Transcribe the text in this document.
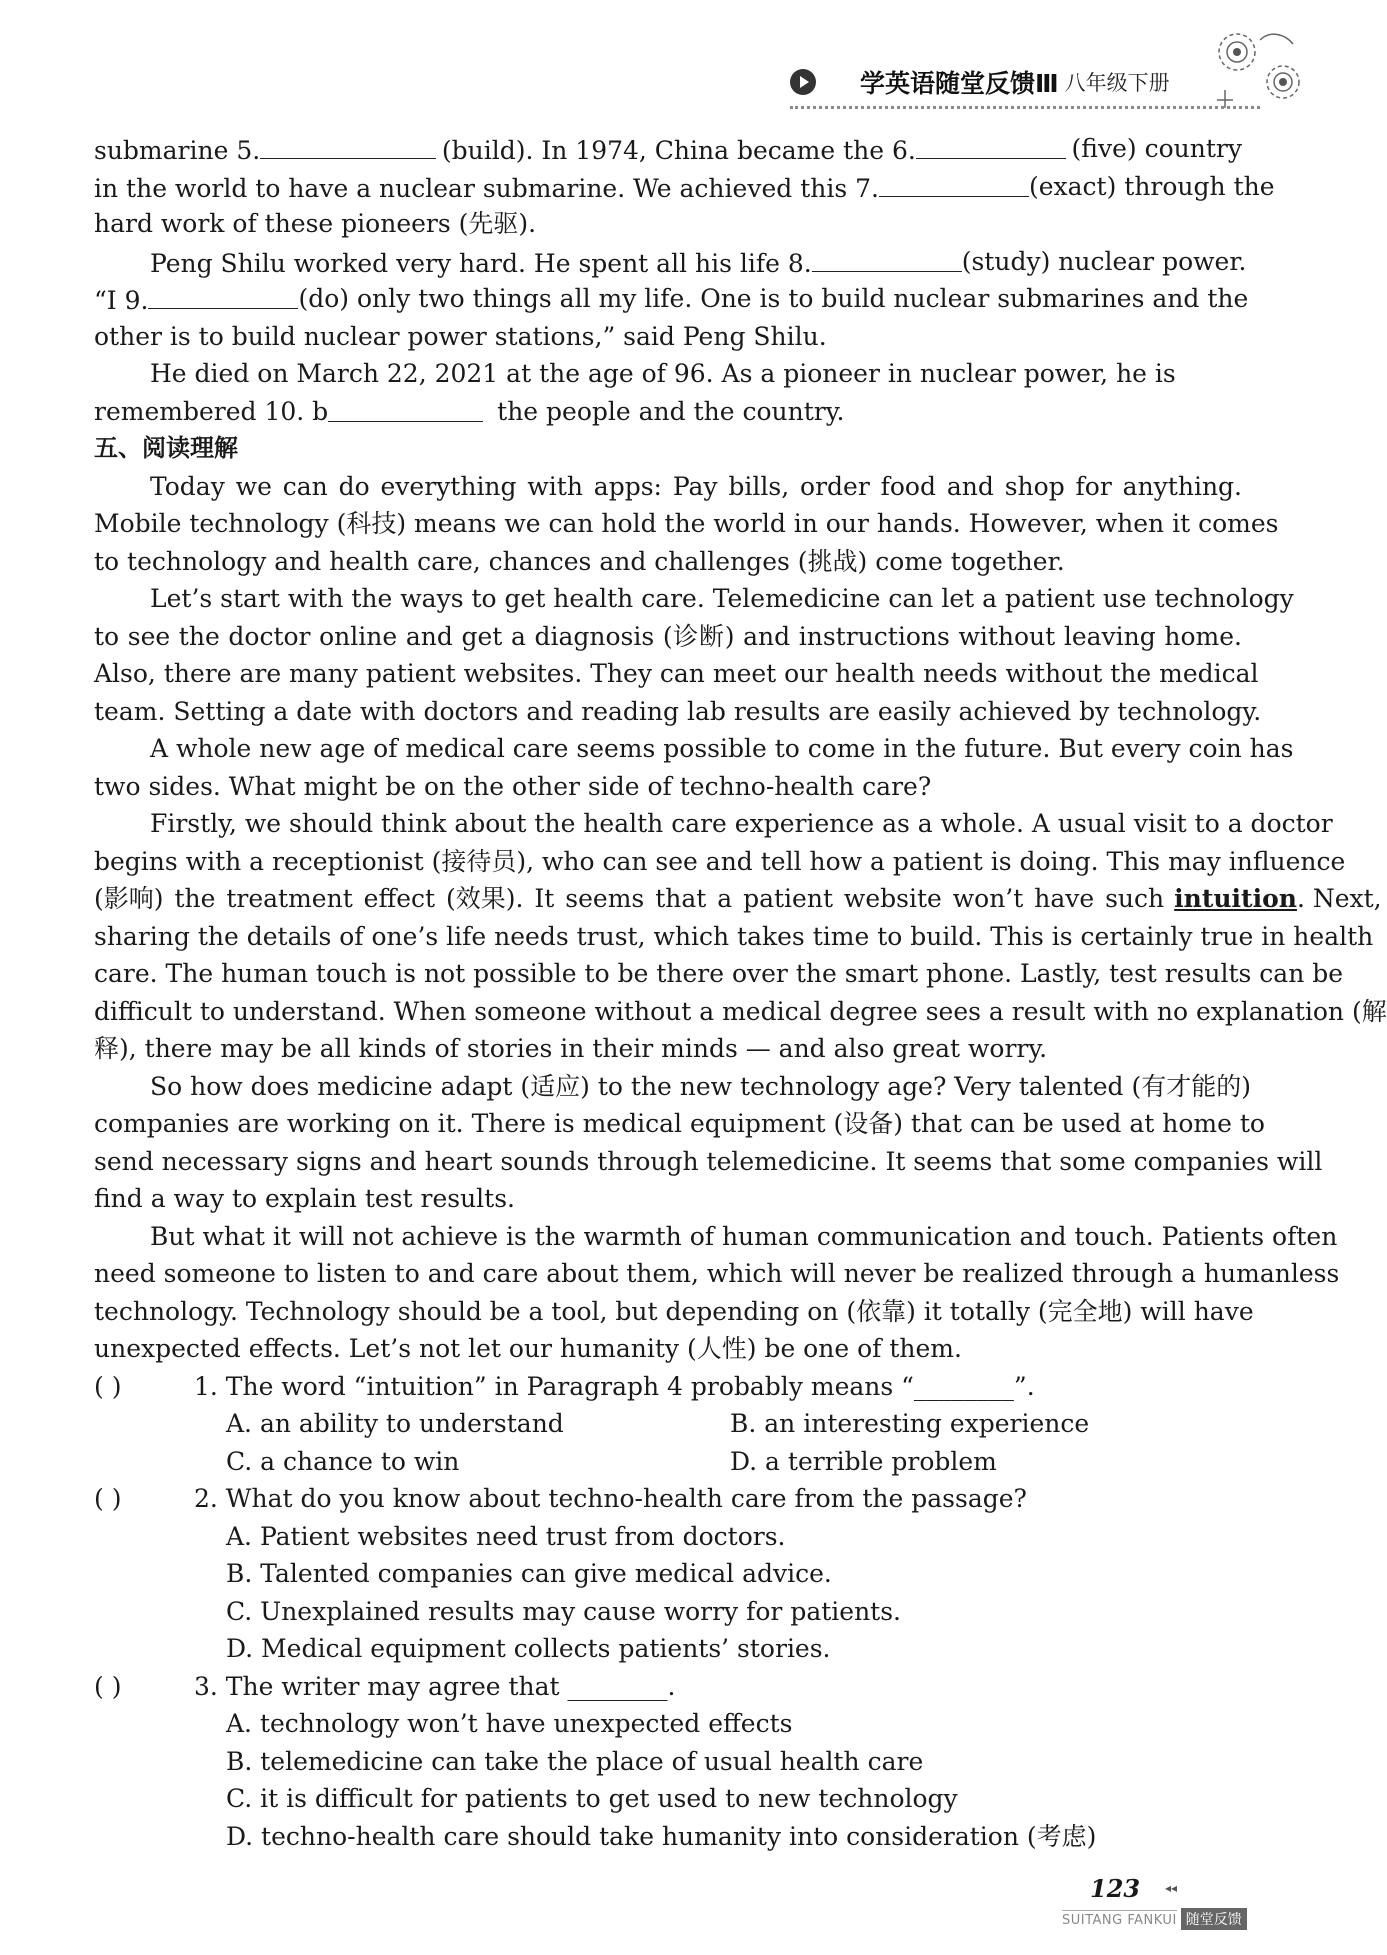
学英语随堂反馈Ⅲ 八年级下册
submarine 5.	(build). In 1974, China became the 6.	(five) country
in the world to have a nuclear submarine. We achieved this 7.	(exact) through the
hard work of these pioneers (先驱).
Peng Shilu worked very hard. He spent all his life 8.	(study) nuclear power.
“I 9.	(do) only two things all my life. One is to build nuclear submarines and the
other is to build nuclear power stations,” said Peng Shilu.
He died on March 22, 2021 at the age of 96. As a pioneer in nuclear power, he is
remembered 10. b	the people and the country.
五、阅读理解
Today we can do everything with apps: Pay bills, order food and shop for anything.
Mobile technology (科技) means we can hold the world in our hands. However, when it comes
to technology and health care, chances and challenges (挑战) come together.
Let’s start with the ways to get health care. Telemedicine can let a patient use technology
to see the doctor online and get a diagnosis (诊断) and instructions without leaving home.
Also, there are many patient websites. They can meet our health needs without the medical
team. Setting a date with doctors and reading lab results are easily achieved by technology.
A whole new age of medical care seems possible to come in the future. But every coin has
two sides. What might be on the other side of techno-health care?
Firstly, we should think about the health care experience as a whole. A usual visit to a doctor
begins with a receptionist (接待员), who can see and tell how a patient is doing. This may influence
(影响) the treatment effect (效果). It seems that a patient website won’t have such intuition . Next,
sharing the details of one’s life needs trust, which takes time to build. This is certainly true in health
care. The human touch is not possible to be there over the smart phone. Lastly, test results can be
difficult to understand. When someone without a medical degree sees a result with no explanation (解
释), there may be all kinds of stories in their minds — and also great worry.
So how does medicine adapt (适应) to the new technology age? Very talented (有才能的)
companies are working on it. There is medical equipment (设备) that can be used at home to
send necessary signs and heart sounds through telemedicine. It seems that some companies will
find a way to explain test results.
But what it will not achieve is the warmth of human communication and touch. Patients often
need someone to listen to and care about them, which will never be realized through a humanless
technology. Technology should be a tool, but depending on (依靠) it totally (完全地) will have
unexpected effects. Let’s not let our humanity (人性) be one of them.
( )	1. The word “intuition” in Paragraph 4 probably means “________”.
A. an ability to understand	B. an interesting experience
C. a chance to win	D. a terrible problem
( )	2. What do you know about techno-health care from the passage?
A. Patient websites need trust from doctors.
B. Talented companies can give medical advice.
C. Unexplained results may cause worry for patients.
D. Medical equipment collects patients’ stories.
( )	3. The writer may agree that ________.
A. technology won’t have unexpected effects
B. telemedicine can take the place of usual health care
C. it is difficult for patients to get used to new technology
D. techno-health care should take humanity into consideration (考虑)
123 ◂◂
SUITANG FANKUI 随堂反馈
